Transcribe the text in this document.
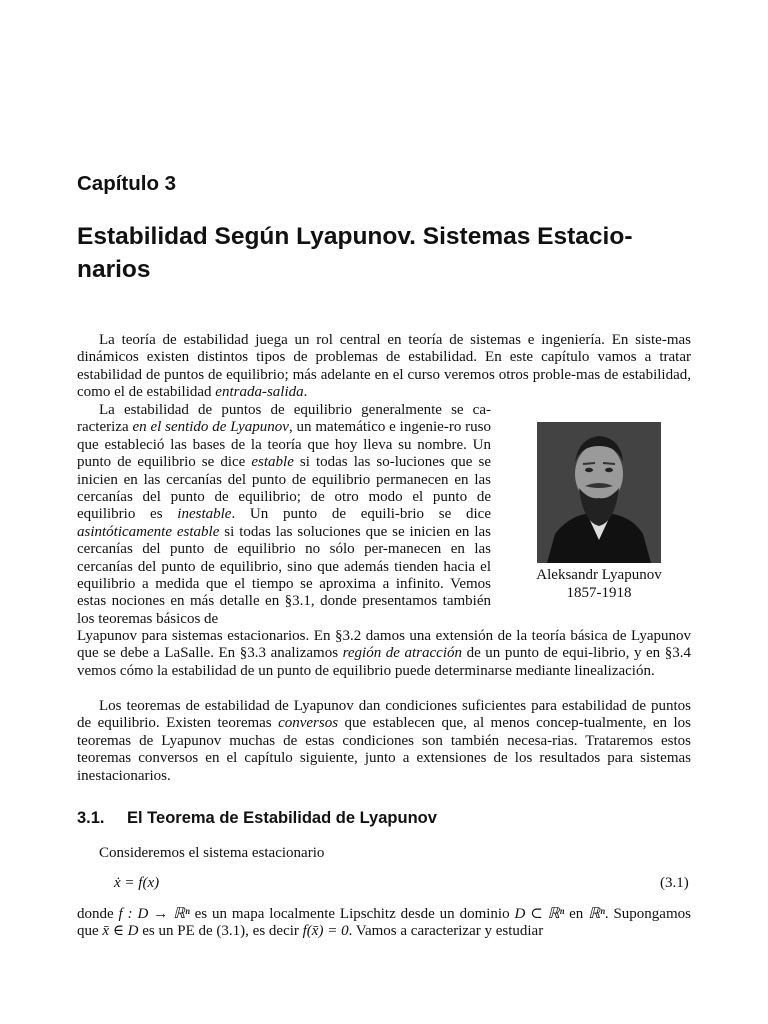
Capítulo 3
Estabilidad Según Lyapunov. Sistemas Estacio-narios
La teoría de estabilidad juega un rol central en teoría de sistemas e ingeniería. En siste-mas dinámicos existen distintos tipos de problemas de estabilidad. En este capítulo vamos a tratar estabilidad de puntos de equilibrio; más adelante en el curso veremos otros proble-mas de estabilidad, como el de estabilidad entrada-salida.
La estabilidad de puntos de equilibrio generalmente se ca-racteriza en el sentido de Lyapunov, un matemático e ingenie-ro ruso que estableció las bases de la teoría que hoy lleva su nombre. Un punto de equilibrio se dice estable si todas las so-luciones que se inicien en las cercanías del punto de equilibrio permanecen en las cercanías del punto de equilibrio; de otro modo el punto de equilibrio es inestable. Un punto de equili-brio se dice asintóticamente estable si todas las soluciones que se inicien en las cercanías del punto de equilibrio no sólo per-manecen en las cercanías del punto de equilibrio, sino que además tienden hacia el equilibrio a medida que el tiempo se aproxima a infinito. Vemos estas nociones en más detalle en §3.1, donde presentamos también los teoremas básicos de
Aleksandr Lyapunov
1857-1918
Lyapunov para sistemas estacionarios. En §3.2 damos una extensión de la teoría básica de Lyapunov que se debe a LaSalle. En §3.3 analizamos región de atracción de un punto de equi-librio, y en §3.4 vemos cómo la estabilidad de un punto de equilibrio puede determinarse mediante linealización.
Los teoremas de estabilidad de Lyapunov dan condiciones suficientes para estabilidad de puntos de equilibrio. Existen teoremas conversos que establecen que, al menos concep-tualmente, en los teoremas de Lyapunov muchas de estas condiciones son también necesa-rias. Trataremos estos teoremas conversos en el capítulo siguiente, junto a extensiones de los resultados para sistemas inestacionarios.
3.1. El Teorema de Estabilidad de Lyapunov
Consideremos el sistema estacionario
ẋ = f(x)	(3.1)
donde f : D → ℝⁿ es un mapa localmente Lipschitz desde un dominio D ⊂ ℝⁿ en ℝⁿ. Supongamos que x̄ ∈ D es un PE de (3.1), es decir f(x̄) = 0. Vamos a caracterizar y estudiar
